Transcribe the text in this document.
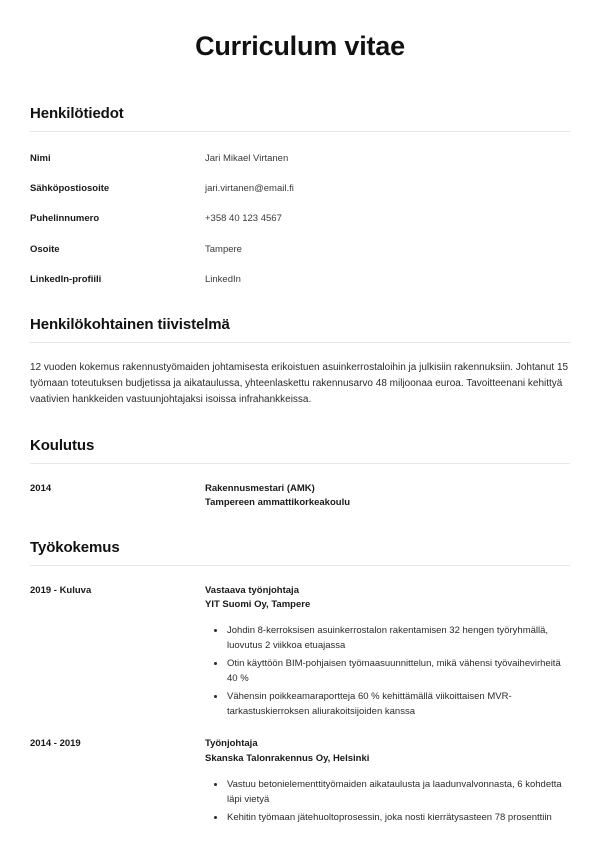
Curriculum vitae
Henkilötiedot
Nimi	Jari Mikael Virtanen
Sähköpostiosoite	jari.virtanen@email.fi
Puhelinnumero	+358 40 123 4567
Osoite	Tampere
LinkedIn-profiili	LinkedIn
Henkilökohtainen tiivistelmä

12 vuoden kokemus rakennustyömaiden johtamisesta erikoistuen asuinkerrostaloihin ja julkisiin rakennuksiin. Johtanut 15 työmaan toteutuksen budjetissa ja aikataulussa, yhteenlaskettu rakennusarvo 48 miljoonaa euroa. Tavoitteenani kehittyä vaativien hankkeiden vastuunjohtajaksi isoissa infrahankkeissa.

Koulutus
2014	Rakennusmestari (AMK)
Tampereen ammattikorkeakoulu
Työkokemus
2019 - Kuluva	Vastaava työnjohtaja
YIT Suomi Oy, Tampere
Johdin 8-kerroksisen asuinkerrostalon rakentamisen 32 hengen työryhmällä, luovutus 2 viikkoa etuajassa
Otin käyttöön BIM-pohjaisen työmaasuunnittelun, mikä vähensi työvaihevirheitä 40 %
Vähensin poikkeamaraportteja 60 % kehittämällä viikoittaisen MVR-tarkastuskierroksen aliurakoitsijoiden kanssa
2014 - 2019	Työnjohtaja
Skanska Talonrakennus Oy, Helsinki
Vastuu betonielementtityömaiden aikataulusta ja laadunvalvonnasta, 6 kohdetta läpi vietyä
Kehitin työmaan jätehuoltoprosessin, joka nosti kierrätysasteen 78 prosenttiin
